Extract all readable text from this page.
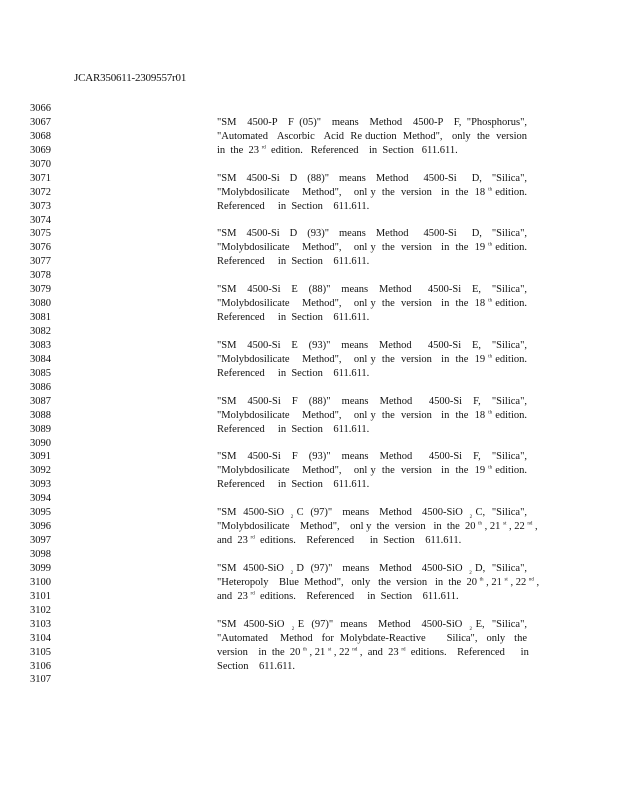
JCAR350611-2309557r01
3066
3067
3068
3069
3070
3071
3072
3073
3074
3075
3076
3077
3078
3079
3080
3081
3082
3083
3084
3085
3086
3087
3088
3089
3090
3091
3092
3093
3094
3095
3096
3097
3098
3099
3100
3101
3102
3103
3104
3105
3106
3107
"SM  4500-P  F (05)"  means  Method  4500-P  F, "Phosphorus",
"Automated   Ascorbic   Acid  Re duction  Method",   only  the  version
in  the  23 $^{rd}$  edition.   Referenced    in  Section   611.611.
"SM  4500-Si  D  (88)"  means  Method   4500-Si   D,  "Silica",
"Molybdosilicate    Method",    onl y  the  version   in  the  18 $^{th}$ edition.
Referenced     in  Section    611.611.
"SM  4500-Si  D  (93)"  means  Method   4500-Si   D,  "Silica",
"Molybdosilicate    Method",    onl y  the  version   in  the  19 $^{th}$ edition.
Referenced     in  Section    611.611.
"SM  4500-Si  E  (88)"  means  Method   4500-Si  E,  "Silica",
"Molybdosilicate    Method",    onl y  the  version   in  the  18 $^{th}$ edition.
Referenced     in  Section    611.611.
"SM  4500-Si  E  (93)"  means  Method   4500-Si  E,  "Silica",
"Molybdosilicate    Method",    onl y  the  version   in  the  19 $^{th}$ edition.
Referenced     in  Section    611.611.
"SM  4500-Si  F  (88)"  means  Method   4500-Si  F,  "Silica",
"Molybdosilicate    Method",    onl y  the  version   in  the  18 $^{th}$ edition.
Referenced     in  Section    611.611.
"SM  4500-Si  F  (93)"  means  Method   4500-Si  F,  "Silica",
"Molybdosilicate    Method",    onl y  the  version   in  the  19 $^{th}$ edition.
Referenced     in  Section    611.611.
"SM  4500-SiO  $_2$ C  (97)"   means   Method   4500-SiO  $_2$ C,  "Silica",
"Molybdosilicate    Method",    onl y  the  version   in  the  20 $^{th}$ , 21 $^{st}$ , 22 $^{nd}$ ,
and  23 $^{rd}$  editions.    Referenced      in  Section    611.611.
"SM  4500-SiO  $_2$ D  (97)"   means   Method   4500-SiO  $_2$ D,  "Silica",
"Heteropoly    Blue  Method",   only   the  version   in  the  20 $^{th}$ , 21 $^{st}$ , 22 $^{nd}$ ,
and  23 $^{rd}$  editions.    Referenced     in  Section    611.611.
"SM  4500-SiO  $_2$ E  (97)"  means   Method   4500-SiO  $_2$ E,  "Silica",
"Automated    Method   for  Molybdate-Reactive       Silica",   only   the
version    in  the  20 $^{th}$ , 21 $^{st}$ , 22 $^{nd}$ ,  and  23 $^{rd}$  editions.    Referenced      in
Section    611.611.
